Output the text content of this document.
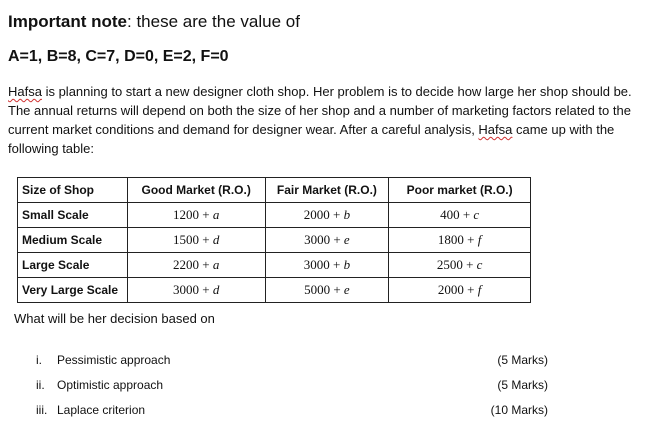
Important note: these are the value of
A=1, B=8, C=7, D=0, E=2, F=0
Hafsa is planning to start a new designer cloth shop. Her problem is to decide how large her shop should be. The annual returns will depend on both the size of her shop and a number of marketing factors related to the current market conditions and demand for designer wear. After a careful analysis, Hafsa came up with the following table:
Size of Shop	Good Market (R.O.)	Fair Market (R.O.)	Poor market (R.O.)
Small Scale	1200 + a	2000 + b	400 + c
Medium Scale	1500 + d	3000 + e	1800 + f
Large Scale	2200 + a	3000 + b	2500 + c
Very Large Scale	3000 + d	5000 + e	2000 + f
What will be her decision based on
i. Pessimistic approach	(5 Marks)
ii. Optimistic approach	(5 Marks)
iii. Laplace criterion	(10 Marks)
